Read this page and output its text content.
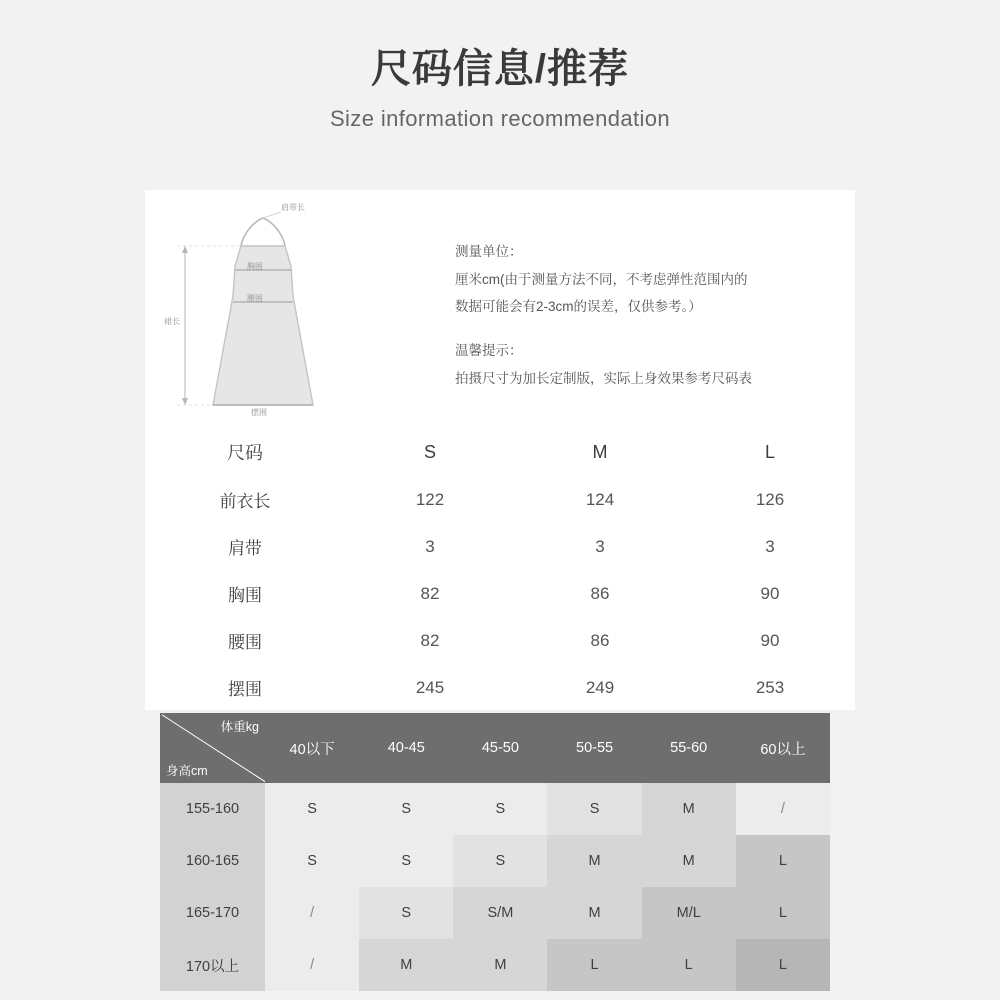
尺码信息/推荐
Size information recommendation
肩带长
胸围
腰围
裙长
摆围
测量单位：
厘米cm(由于测量方法不同，不考虑弹性范围内的
数据可能会有2-3cm的误差，仅供参考。）
温馨提示：
拍摄尺寸为加长定制版，实际上身效果参考尺码表
尺码	S	M	L
前衣长	122	124	126
肩带	3	3	3
胸围	82	86	90
腰围	82	86	90
摆围	245	249	253
体重kg
身高cm	40以下	40-45	45-50	50-55	55-60	60以上
155-160	S	S	S	S	M	/
160-165	S	S	S	M	M	L
165-170	/	S	S/M	M	M/L	L
170以上	/	M	M	L	L	L
